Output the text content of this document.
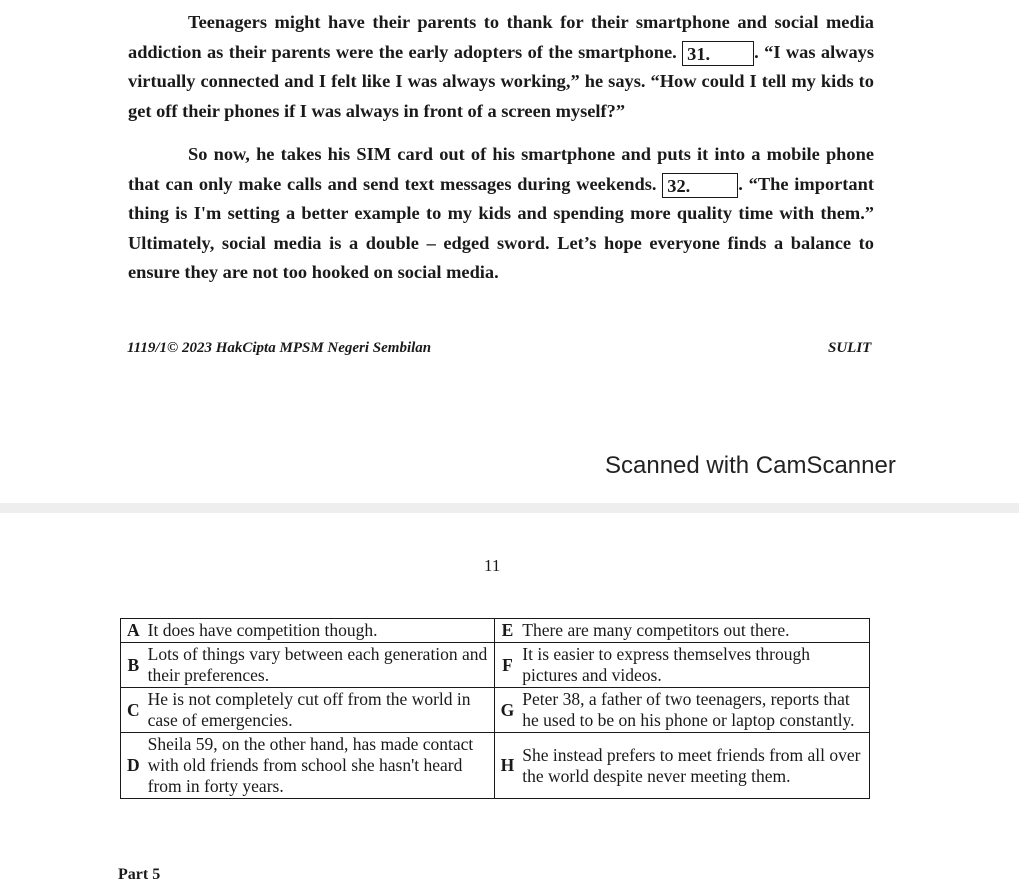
Teenagers might have their parents to thank for their smartphone and social media addiction as their parents were the early adopters of the smartphone. 31. . “I was always virtually connected and I felt like I was always working,” he says. “How could I tell my kids to get off their phones if I was always in front of a screen myself?”

So now, he takes his SIM card out of his smartphone and puts it into a mobile phone that can only make calls and send text messages during weekends. 32.	. “The important thing is I'm setting a better example to my kids and spending more quality time with them.” Ultimately, social media is a double – edged sword. Let’s hope everyone finds a balance to ensure they are not too hooked on social media.

1119/1© 2023 HakCipta MPSM Negeri Sembilan	SULIT
Scanned with CamScanner
11
A	It does have competition though.	E	There are many competitors out there.
B	Lots of things vary between each generation and their preferences.	F	It is easier to express themselves through pictures and videos.
C	He is not completely cut off from the world in case of emergencies.	G	Peter 38, a father of two teenagers, reports that he used to be on his phone or laptop constantly.
D	Sheila 59, on the other hand, has made contact with old friends from school she hasn't heard from in forty years.	H	She instead prefers to meet friends from all over the world despite never meeting them.
Part 5
